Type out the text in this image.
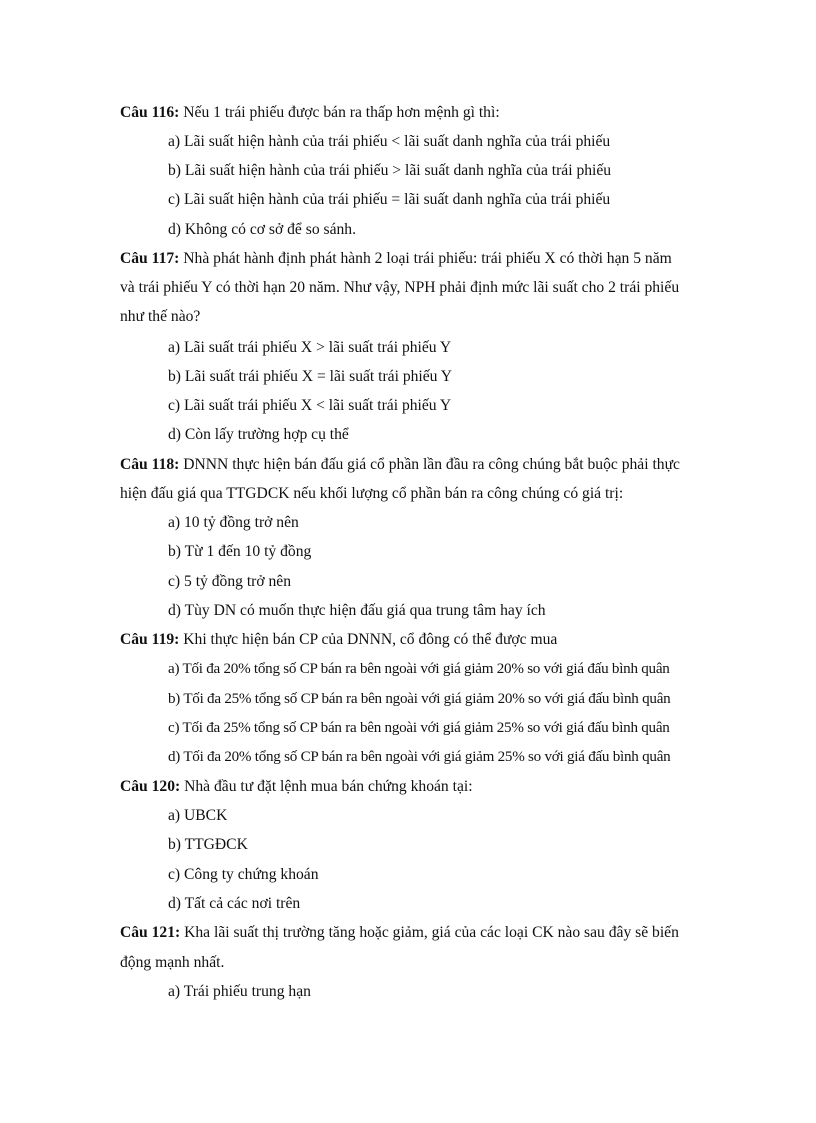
Câu 116: Nếu 1 trái phiếu được bán ra thấp hơn mệnh gì thì:
a) Lãi suất hiện hành của trái phiếu < lãi suất danh nghĩa của trái phiếu
b) Lãi suất hiện hành của trái phiếu > lãi suất danh nghĩa của trái phiếu
c) Lãi suất hiện hành của trái phiếu = lãi suất danh nghĩa của trái phiếu
d) Không có cơ sở để so sánh.
Câu 117: Nhà phát hành định phát hành 2 loại trái phiếu: trái phiếu X có thời hạn 5 năm
và trái phiếu Y có thời hạn 20 năm. Như vậy, NPH phải định mức lãi suất cho 2 trái phiếu
như thế nào?
a) Lãi suất trái phiếu X > lãi suất trái phiếu Y
b) Lãi suất trái phiếu X = lãi suất trái phiếu Y
c) Lãi suất trái phiếu X < lãi suất trái phiếu Y
d) Còn lấy trường hợp cụ thể
Câu 118: DNNN thực hiện bán đấu giá cổ phần lần đầu ra công chúng bắt buộc phải thực
hiện đấu giá qua TTGDCK nếu khối lượng cổ phần bán ra công chúng có giá trị:
a) 10 tỷ đồng trở nên
b) Từ 1 đến 10 tỷ đồng
c) 5 tỷ đồng trở nên
d) Tùy DN có muốn thực hiện đấu giá qua trung tâm hay ích
Câu 119: Khi thực hiện bán CP của DNNN, cổ đông có thể được mua
a) Tối đa 20% tổng số CP bán ra bên ngoài với giá giảm 20% so với giá đấu bình quân
b) Tối đa 25% tổng số CP bán ra bên ngoài với giá giảm 20% so với giá đấu bình quân
c) Tối đa 25% tổng số CP bán ra bên ngoài với giá giảm 25% so với giá đấu bình quân
d) Tối đa 20% tổng số CP bán ra bên ngoài với giá giảm 25% so với giá đấu bình quân
Câu 120: Nhà đầu tư đặt lệnh mua bán chứng khoán tại:
a) UBCK
b) TTGĐCK
c) Công ty chứng khoán
d) Tất cả các nơi trên
Câu 121: Kha lãi suất thị trường tăng hoặc giảm, giá của các loại CK nào sau đây sẽ biến
động mạnh nhất.
a) Trái phiếu trung hạn
